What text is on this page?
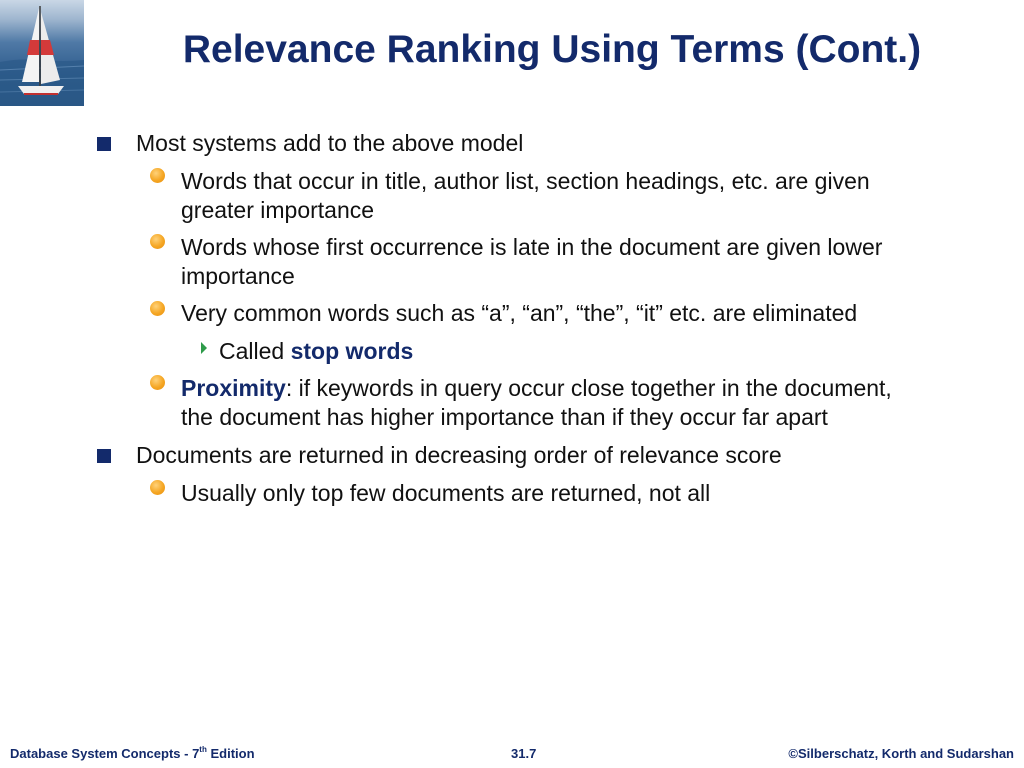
Relevance Ranking Using Terms (Cont.)
Most systems add to the above model
Words that occur in title, author list, section headings, etc. are given
greater importance
Words whose first occurrence is late in the document are given lower
importance
Very common words such as “a”, “an”, “the”, “it” etc. are eliminated
Called stop words
Proximity: if keywords in query occur close together in the document,
the document has higher importance than if they occur far apart
Documents are returned in decreasing order of relevance score
Usually only top few documents are returned, not all
Database System Concepts - 7th Edition	31.7	©Silberschatz, Korth and Sudarshan
